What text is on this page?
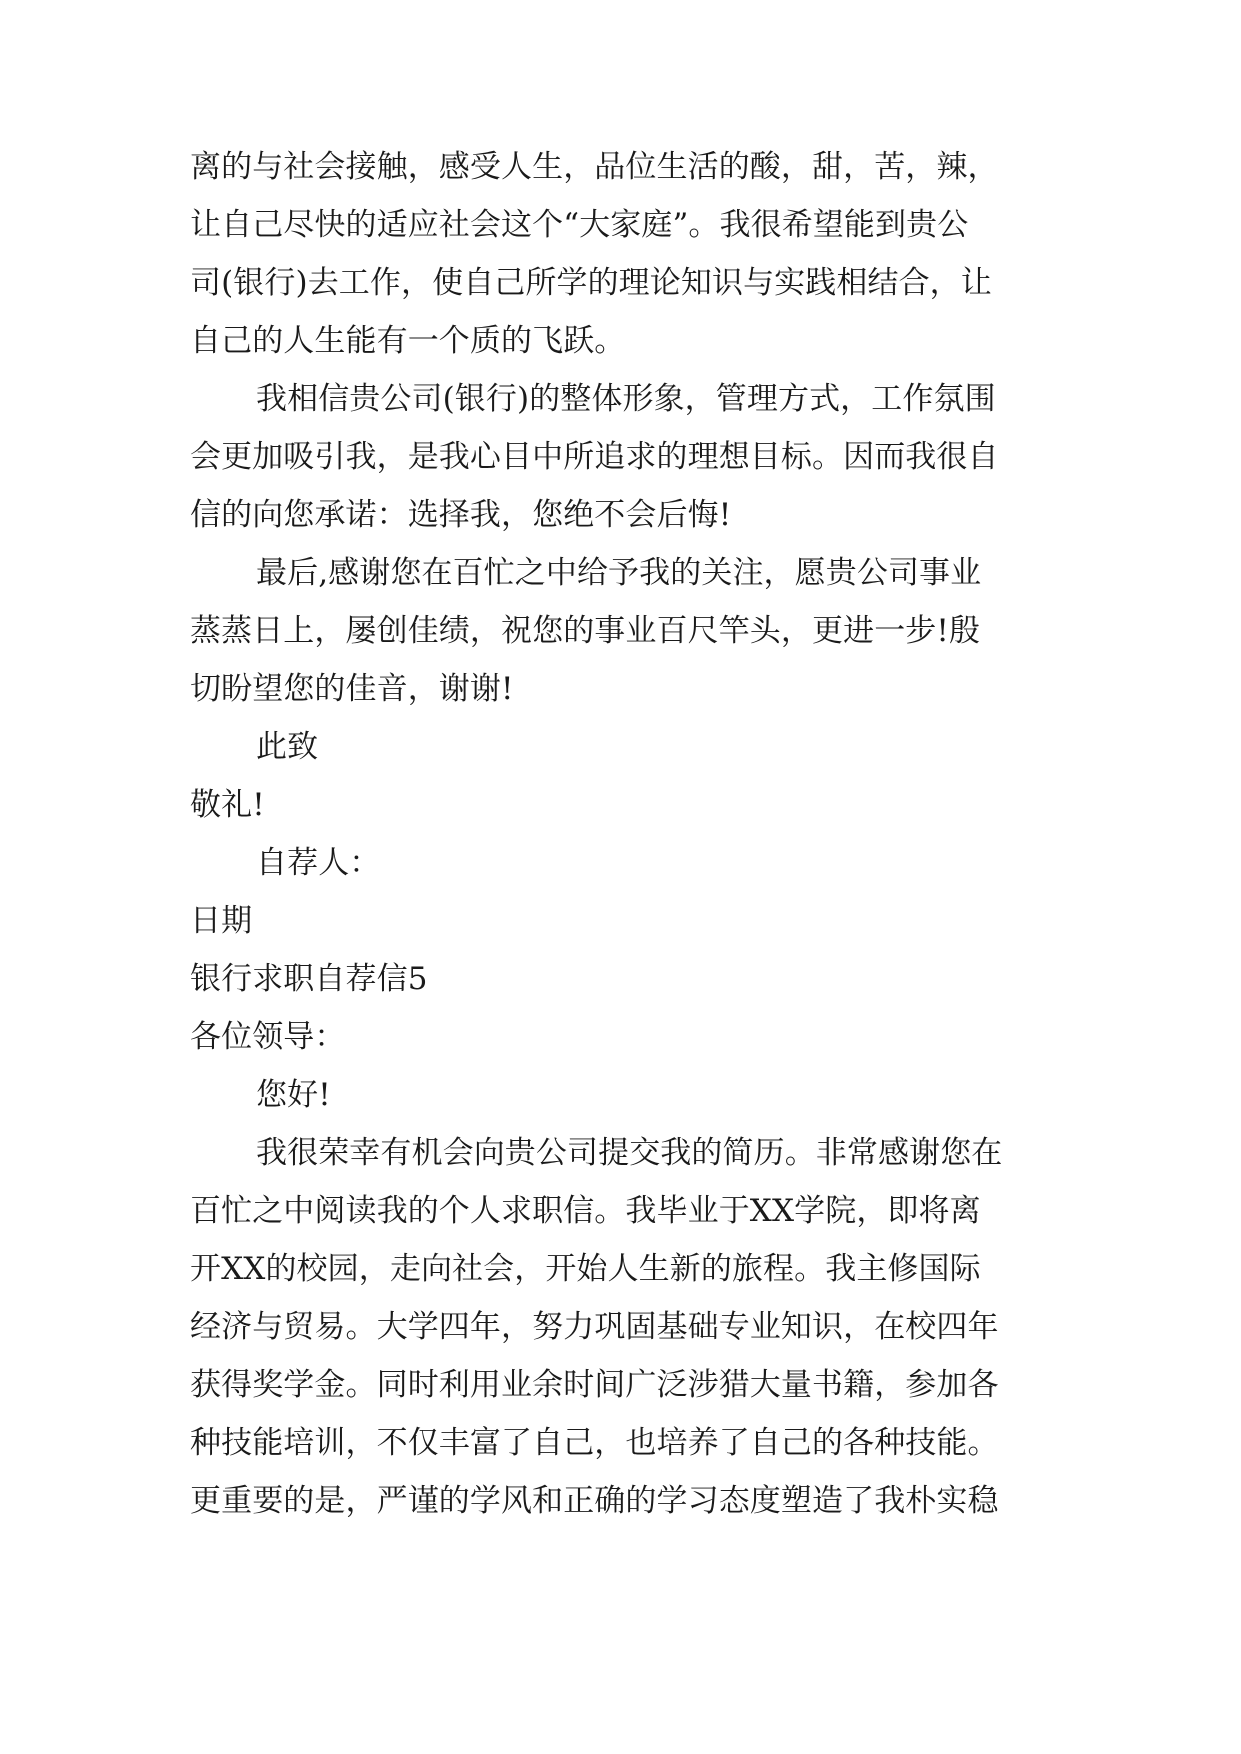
离的与社会接触，感受人生，品位生活的酸，甜，苦，辣，
让自己尽快的适应社会这个“大家庭”。我很希望能到贵公
司(银行)去工作，使自己所学的理论知识与实践相结合，让
自己的人生能有一个质的飞跃。
我相信贵公司(银行)的整体形象，管理方式，工作氛围
会更加吸引我，是我心目中所追求的理想目标。因而我很自
信的向您承诺：选择我，您绝不会后悔!
最后,感谢您在百忙之中给予我的关注，愿贵公司事业
蒸蒸日上，屡创佳绩，祝您的事业百尺竿头，更进一步!殷
切盼望您的佳音，谢谢!
此致
敬礼!
自荐人：
日期
银行求职自荐信5
各位领导：
您好!
我很荣幸有机会向贵公司提交我的简历。非常感谢您在
百忙之中阅读我的个人求职信。我毕业于XX学院，即将离
开XX的校园，走向社会，开始人生新的旅程。我主修国际
经济与贸易。大学四年，努力巩固基础专业知识，在校四年
获得奖学金。同时利用业余时间广泛涉猎大量书籍，参加各
种技能培训，不仅丰富了自己，也培养了自己的各种技能。
更重要的是，严谨的学风和正确的学习态度塑造了我朴实稳
